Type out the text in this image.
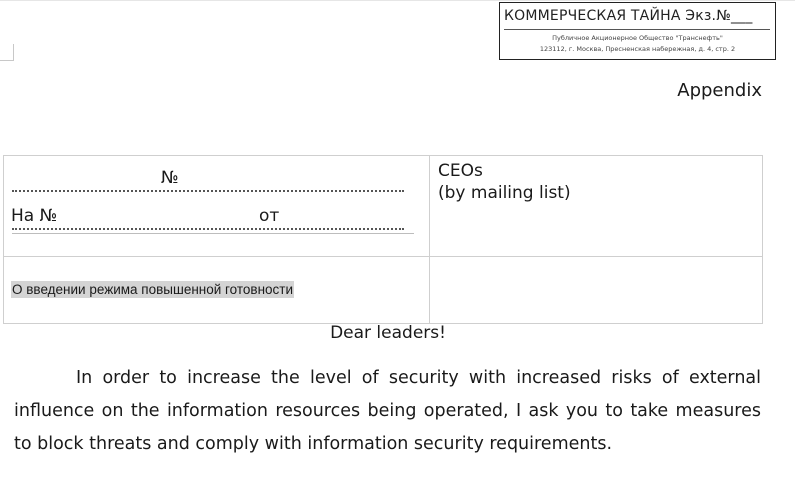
КОММЕРЧЕСКАЯ ТАЙНА Экз.№___
Публичное Акционерное Общество "Транснефть"
123112, г. Москва, Пресненская набережная, д. 4, стр. 2
Appendix
№
На №	от
О введении режима повышенной готовности
CEOs
(by mailing list)
Dear leaders!
In order to increase the level of security with increased risks of external influence on the information resources being operated, I ask you to take measures to block threats and comply with information security requirements.
